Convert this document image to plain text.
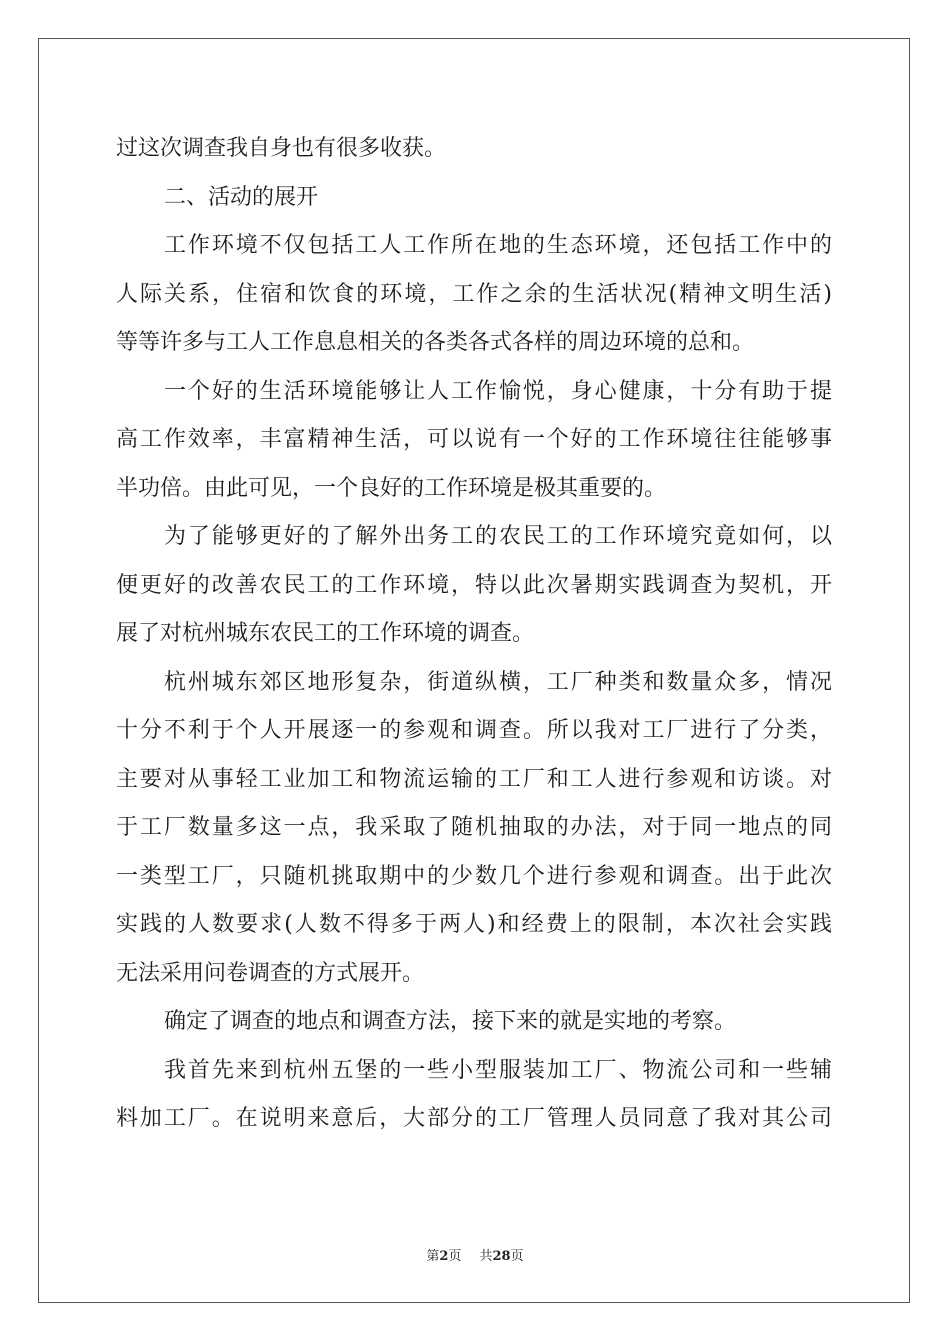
过这次调查我自身也有很多收获。
二、活动的展开
工作环境不仅包括工人工作所在地的生态环境，还包括工作中的
人际关系，住宿和饮食的环境，工作之余的生活状况(精神文明生活)
等等许多与工人工作息息相关的各类各式各样的周边环境的总和。
一个好的生活环境能够让人工作愉悦，身心健康，十分有助于提
高工作效率，丰富精神生活，可以说有一个好的工作环境往往能够事
半功倍。由此可见，一个良好的工作环境是极其重要的。
为了能够更好的了解外出务工的农民工的工作环境究竟如何，以
便更好的改善农民工的工作环境，特以此次暑期实践调查为契机，开
展了对杭州城东农民工的工作环境的调查。
杭州城东郊区地形复杂，街道纵横，工厂种类和数量众多，情况
十分不利于个人开展逐一的参观和调查。所以我对工厂进行了分类，
主要对从事轻工业加工和物流运输的工厂和工人进行参观和访谈。对
于工厂数量多这一点，我采取了随机抽取的办法，对于同一地点的同
一类型工厂，只随机挑取期中的少数几个进行参观和调查。出于此次
实践的人数要求(人数不得多于两人)和经费上的限制，本次社会实践
无法采用问卷调查的方式展开。
确定了调查的地点和调查方法，接下来的就是实地的考察。
我首先来到杭州五堡的一些小型服装加工厂、物流公司和一些辅
料加工厂。在说明来意后，大部分的工厂管理人员同意了我对其公司
第2页 共28页
